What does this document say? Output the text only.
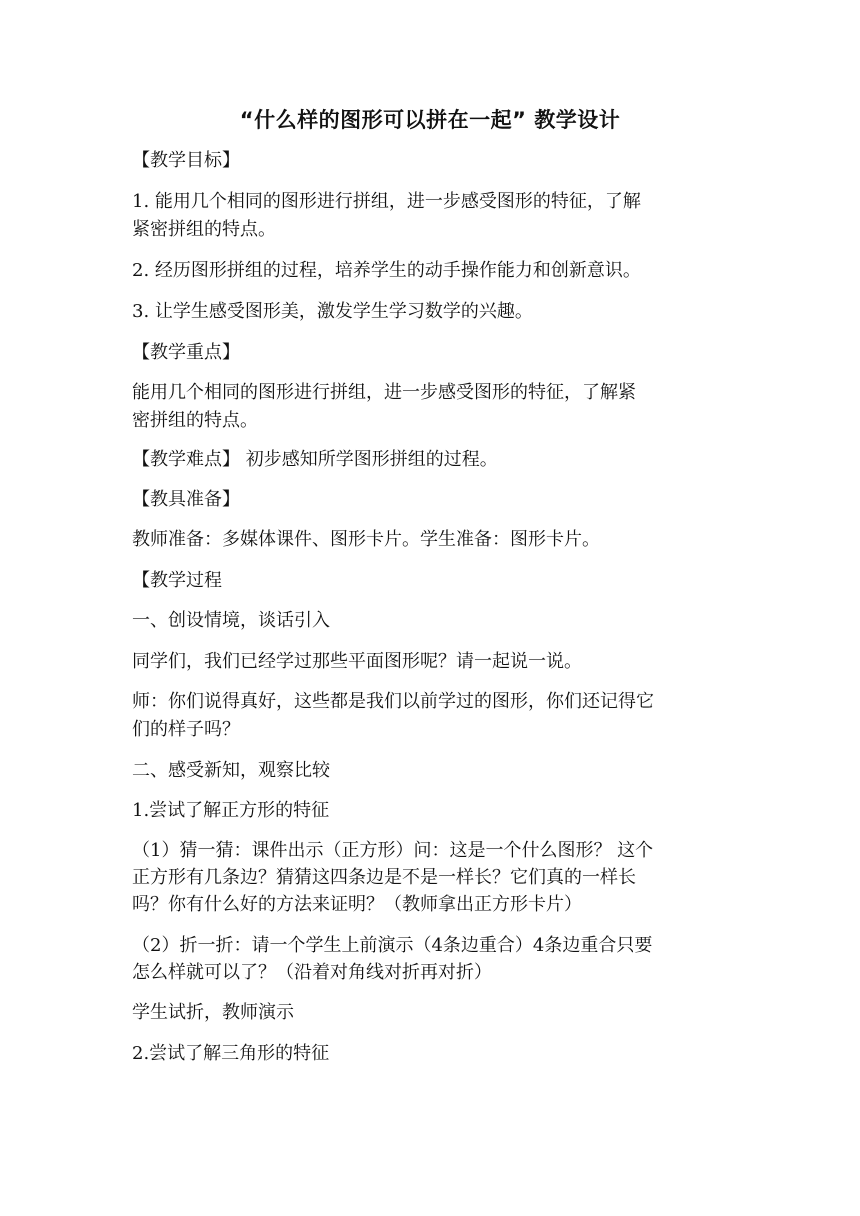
“什么样的图形可以拼在一起” 教学设计
【教学目标】
1. 能用几个相同的图形进行拼组，进一步感受图形的特征，了解
紧密拼组的特点。
2. 经历图形拼组的过程，培养学生的动手操作能力和创新意识。
3. 让学生感受图形美，激发学生学习数学的兴趣。
【教学重点】
能用几个相同的图形进行拼组，进一步感受图形的特征，了解紧
密拼组的特点。
【教学难点】 初步感知所学图形拼组的过程。
【教具准备】
教师准备：多媒体课件、图形卡片。学生准备：图形卡片。
【教学过程
一、创设情境，谈话引入
同学们，我们已经学过那些平面图形呢？请一起说一说。
师：你们说得真好，这些都是我们以前学过的图形，你们还记得它
们的样子吗？
二、感受新知，观察比较
1.尝试了解正方形的特征
（1）猜一猜：课件出示（正方形）问：这是一个什么图形？ 这个
正方形有几条边？猜猜这四条边是不是一样长？它们真的一样长
吗？你有什么好的方法来证明？（教师拿出正方形卡片）
（2）折一折：请一个学生上前演示（4条边重合）4条边重合只要
怎么样就可以了？（沿着对角线对折再对折）
学生试折，教师演示
2.尝试了解三角形的特征
